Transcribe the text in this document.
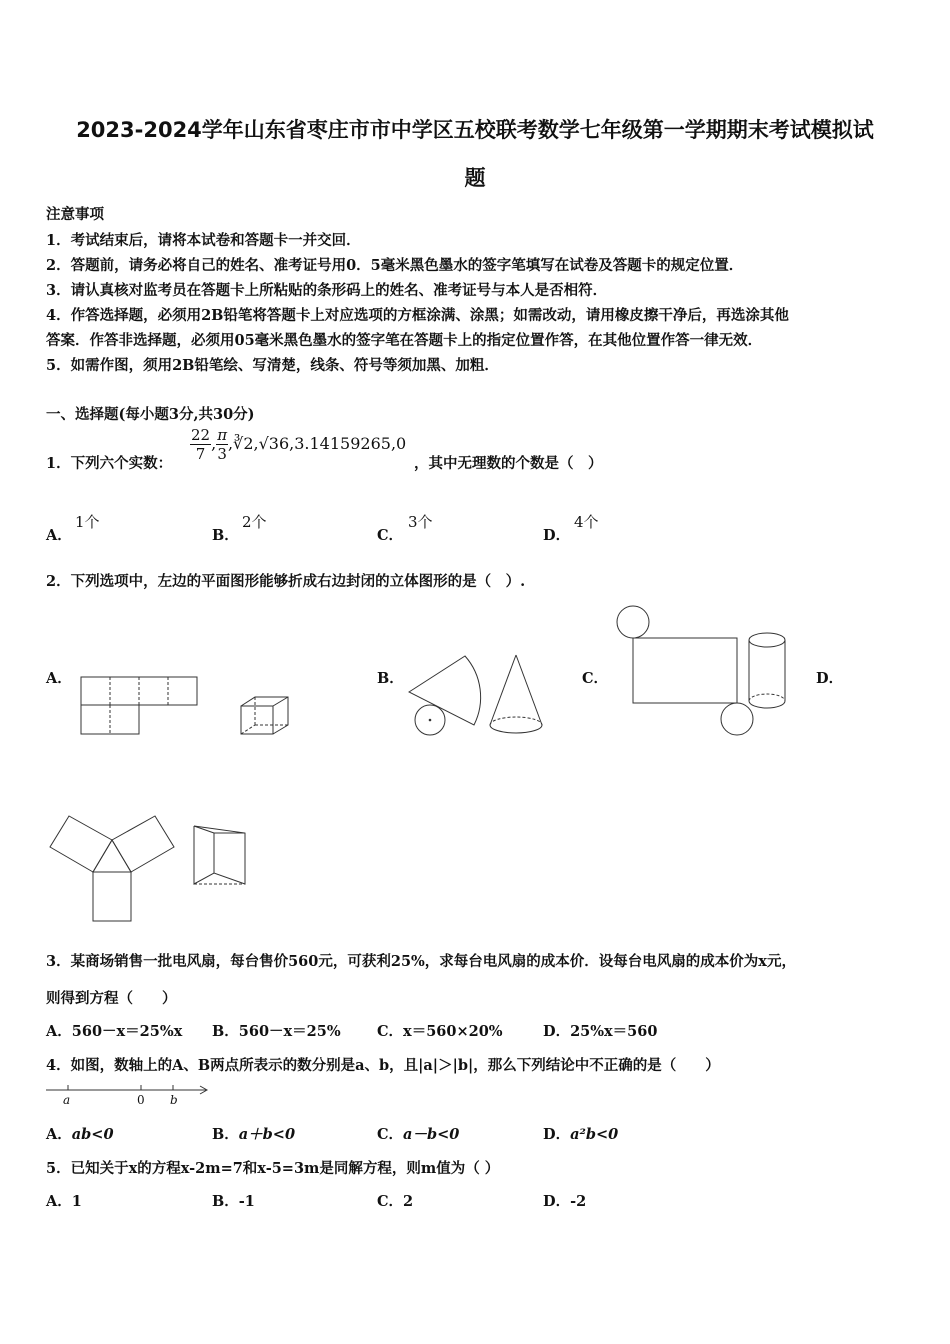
2023-2024学年山东省枣庄市市中学区五校联考数学七年级第一学期期末考试模拟试
题
注意事项
1．考试结束后，请将本试卷和答题卡一并交回．
2．答题前，请务必将自己的姓名、准考证号用0．5毫米黑色墨水的签字笔填写在试卷及答题卡的规定位置．
3．请认真核对监考员在答题卡上所粘贴的条形码上的姓名、准考证号与本人是否相符．
4．作答选择题，必须用2B铅笔将答题卡上对应选项的方框涂满、涂黑；如需改动，请用橡皮擦干净后，再选涂其他
答案．作答非选择题，必须用05毫米黑色墨水的签字笔在答题卡上的指定位置作答，在其他位置作答一律无效．
5．如需作图，须用2B铅笔绘、写清楚，线条、符号等须加黑、加粗．
一、选择题(每小题3分,共30分)
1．下列六个实数：
$\frac{22}{7}$ , $\frac{\pi}{3}$ ,∛2,√36,3.14159265,0
，其中无理数的个数是（　）
A．
1个
B．
2个
C．
3个
D．
4个
2．下列选项中，左边的平面图形能够折成右边封闭的立体图形的是（　）.
A．	B．	C．	D．
a	0 b
3．某商场销售一批电风扇，每台售价560元，可获利25%，求每台电风扇的成本价．设每台电风扇的成本价为x元，
则得到方程（　　）
A．560－x＝25%x B．560－x＝25%	C．x＝560×20%	D．25%x＝560
4．如图，数轴上的A、B两点所表示的数分别是a、b，且|a|＞|b|，那么下列结论中不正确的是（　　）
A．ab<0	B．a＋b<0	C．a－b<0	D．a²b<0
5．已知关于x的方程x-2m=7和x-5=3m是同解方程，则m值为（ ）
A．1	B．-1	C．2	D．-2
